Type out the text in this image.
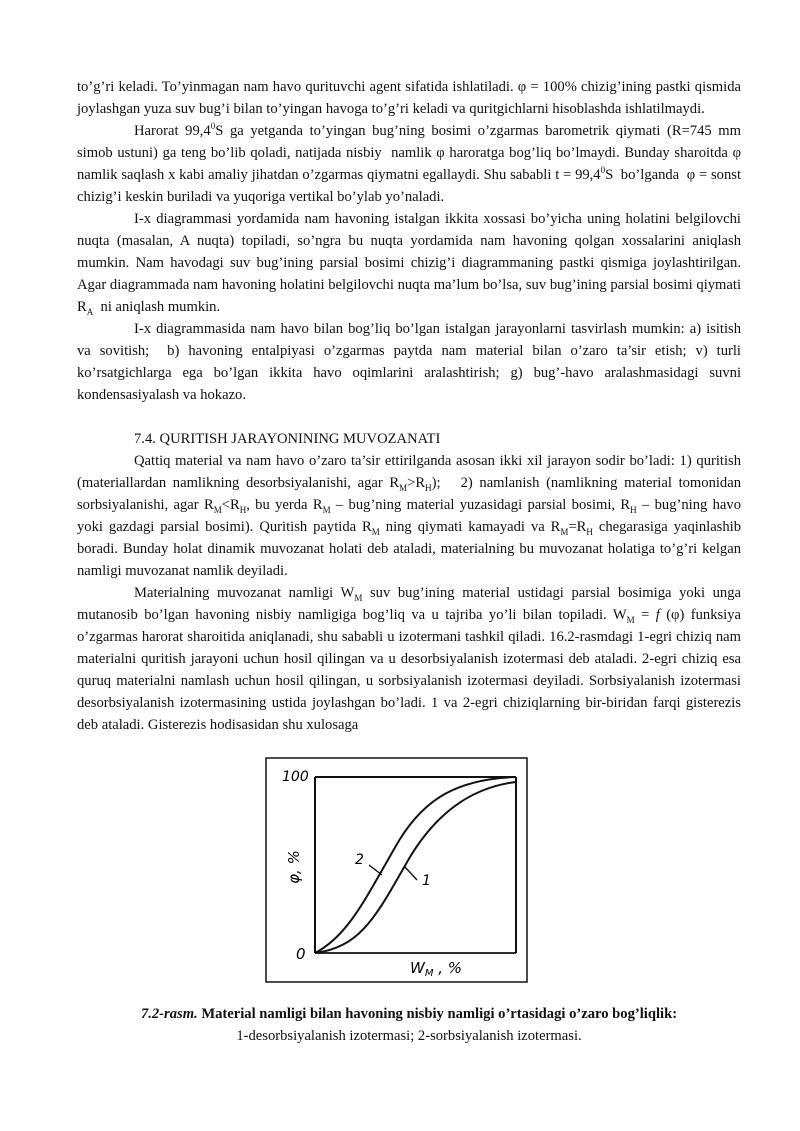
to’g’ri keladi. To’yinmagan nam havo qurituvchi agent sifatida ishlatiladi. φ = 100% chizig’ining pastki qismida joylashgan yuza suv bug’i bilan to’yingan havoga to’g’ri keladi va quritgichlarni hisoblashda ishlatilmaydi.

Harorat 99,4$^0$S ga yetganda to’yingan bug’ning bosimi o’zgarmas barometrik qiymati (R=745 mm simob ustuni) ga teng bo’lib qoladi, natijada nisbiy  namlik φ haroratga bog’liq bo’lmaydi. Bunday sharoitda φ namlik saqlash x kabi amaliy jihatdan o’zgarmas qiymatni egallaydi. Shu sababli $t = 99,4^0S$  bo’lganda  φ = sonst chizig’i keskin buriladi va yuqoriga vertikal bo’ylab yo’naladi.

I-x diagrammasi yordamida nam havoning istalgan ikkita xossasi bo’yicha uning holatini belgilovchi nuqta (masalan, A nuqta) topiladi, so’ngra bu nuqta yordamida nam havoning qolgan xossalarini aniqlash mumkin. Nam havodagi suv bug’ining parsial bosimi chizig’i diagrammaning pastki qismiga joylashtirilgan. Agar diagrammada nam havoning holatini belgilovchi nuqta ma’lum bo’lsa, suv bug’ining parsial bosimi qiymati $R_A$  ni aniqlash mumkin.

I-x diagrammasida nam havo bilan bog’liq bo’lgan istalgan jarayonlarni tasvirlash mumkin: a) isitish va sovitish;  b) havoning entalpiyasi o’zgarmas paytda nam material bilan o’zaro ta’sir etish; v) turli ko’rsatgichlarga ega bo’lgan ikkita havo oqimlarini aralashtirish; g) bug’-havo aralashmasidagi suvni kondensasiyalash va hokazo.

7.4. QURITISH JARAYONINING MUVOZANATI

Qattiq material va nam havo o’zaro ta’sir ettirilganda asosan ikki xil jarayon sodir bo’ladi: 1) quritish (materiallardan namlikning desorbsiyalanishi, agar $R_M>R_H$);   2) namlanish (namlikning material tomonidan sorbsiyalanishi, agar $R_M<R_H$, bu yerda $R_M$ – bug’ning material yuzasidagi parsial bosimi, $R_H$ – bug’ning havo yoki gazdagi parsial bosimi). Quritish paytida $R_M$ ning qiymati kamayadi va $R_M=R_H$ chegarasiga yaqinlashib boradi. Bunday holat dinamik muvozanat holati deb ataladi, materialning bu muvozanat holatiga to’g’ri kelgan namligi muvozanat namlik deyiladi.

Materialning muvozanat namligi $W_M$ suv bug’ining material ustidagi parsial bosimiga yoki unga mutanosib bo’lgan havoning nisbiy namligiga bog’liq va u tajriba yo’li bilan topiladi. $W_M = f$ (φ) funksiya o’zgarmas harorat sharoitida aniqlanadi, shu sababli u izotermani tashkil qiladi. 16.2-rasmdagi 1-egri chiziq nam materialni quritish jarayoni uchun hosil qilingan va u desorbsiyalanish izotermasi deb ataladi. 2-egri chiziq esa quruq materialni namlash uchun hosil qilingan, u sorbsiyalanish izotermasi deyiladi. Sorbsiyalanish izotermasi desorbsiyalanish izotermasining ustida joylashgan bo’ladi. 1 va 2-egri chiziqlarning bir-biridan farqi gisterezis deb ataladi. Gisterezis hodisasidan shu xulosaga

100
0
φ, %
$W_M$ , %
2
1
7.2-rasm. Material namligi bilan havoning nisbiy namligi o’rtasidagi o’zaro bog’liqlik:
1-desorbsiyalanish izotermasi; 2-sorbsiyalanish izotermasi.
